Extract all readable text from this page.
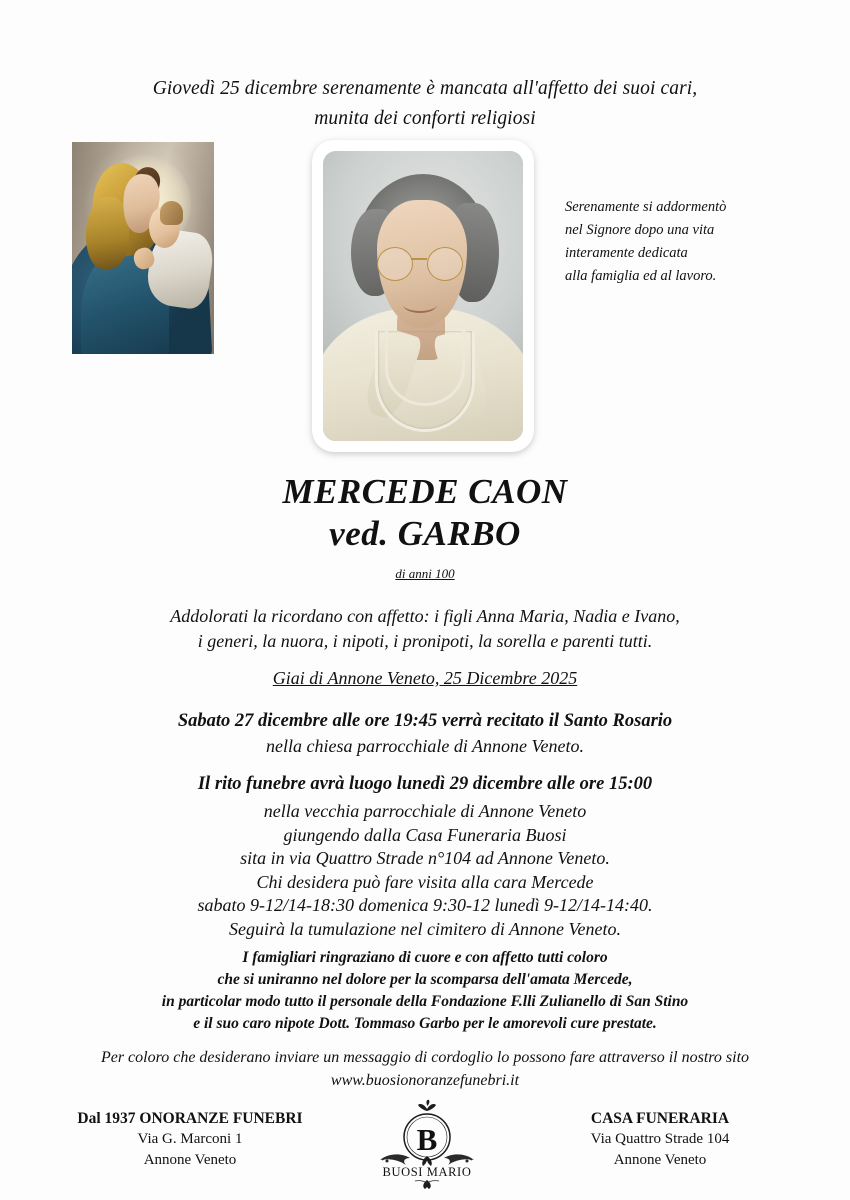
Giovedì 25 dicembre serenamente è mancata all'affetto dei suoi cari,
munita dei conforti religiosi
Serenamente si addormentò
nel Signore dopo una vita
interamente dedicata
alla famiglia ed al lavoro.
MERCEDE CAON
ved. GARBO
di anni 100
Addolorati la ricordano con affetto: i figli Anna Maria, Nadia e Ivano,
i generi, la nuora, i nipoti, i pronipoti, la sorella e parenti tutti.
Giai di Annone Veneto, 25 Dicembre 2025
Sabato 27 dicembre alle ore 19:45 verrà recitato il Santo Rosario
nella chiesa parrocchiale di Annone Veneto.
Il rito funebre avrà luogo lunedì 29 dicembre alle ore 15:00
nella vecchia parrocchiale di Annone Veneto
giungendo dalla Casa Funeraria Buosi
sita in via Quattro Strade n°104 ad Annone Veneto.
Chi desidera può fare visita alla cara Mercede
sabato 9-12/14-18:30 domenica 9:30-12 lunedì 9-12/14-14:40.
Seguirà la tumulazione nel cimitero di Annone Veneto.
I famigliari ringraziano di cuore e con affetto tutti coloro
che si uniranno nel dolore per la scomparsa dell'amata Mercede,
in particolar modo tutto il personale della Fondazione F.lli Zulianello di San Stino
e il suo caro nipote Dott. Tommaso Garbo per le amorevoli cure prestate.
Per coloro che desiderano inviare un messaggio di cordoglio lo possono fare attraverso il nostro sito
www.buosionoranzefunebri.it
Dal 1937 ONORANZE FUNEBRI
Via G. Marconi 1
Annone Veneto
B
BUOSI MARIO
CASA FUNERARIA
Via Quattro Strade 104
Annone Veneto
